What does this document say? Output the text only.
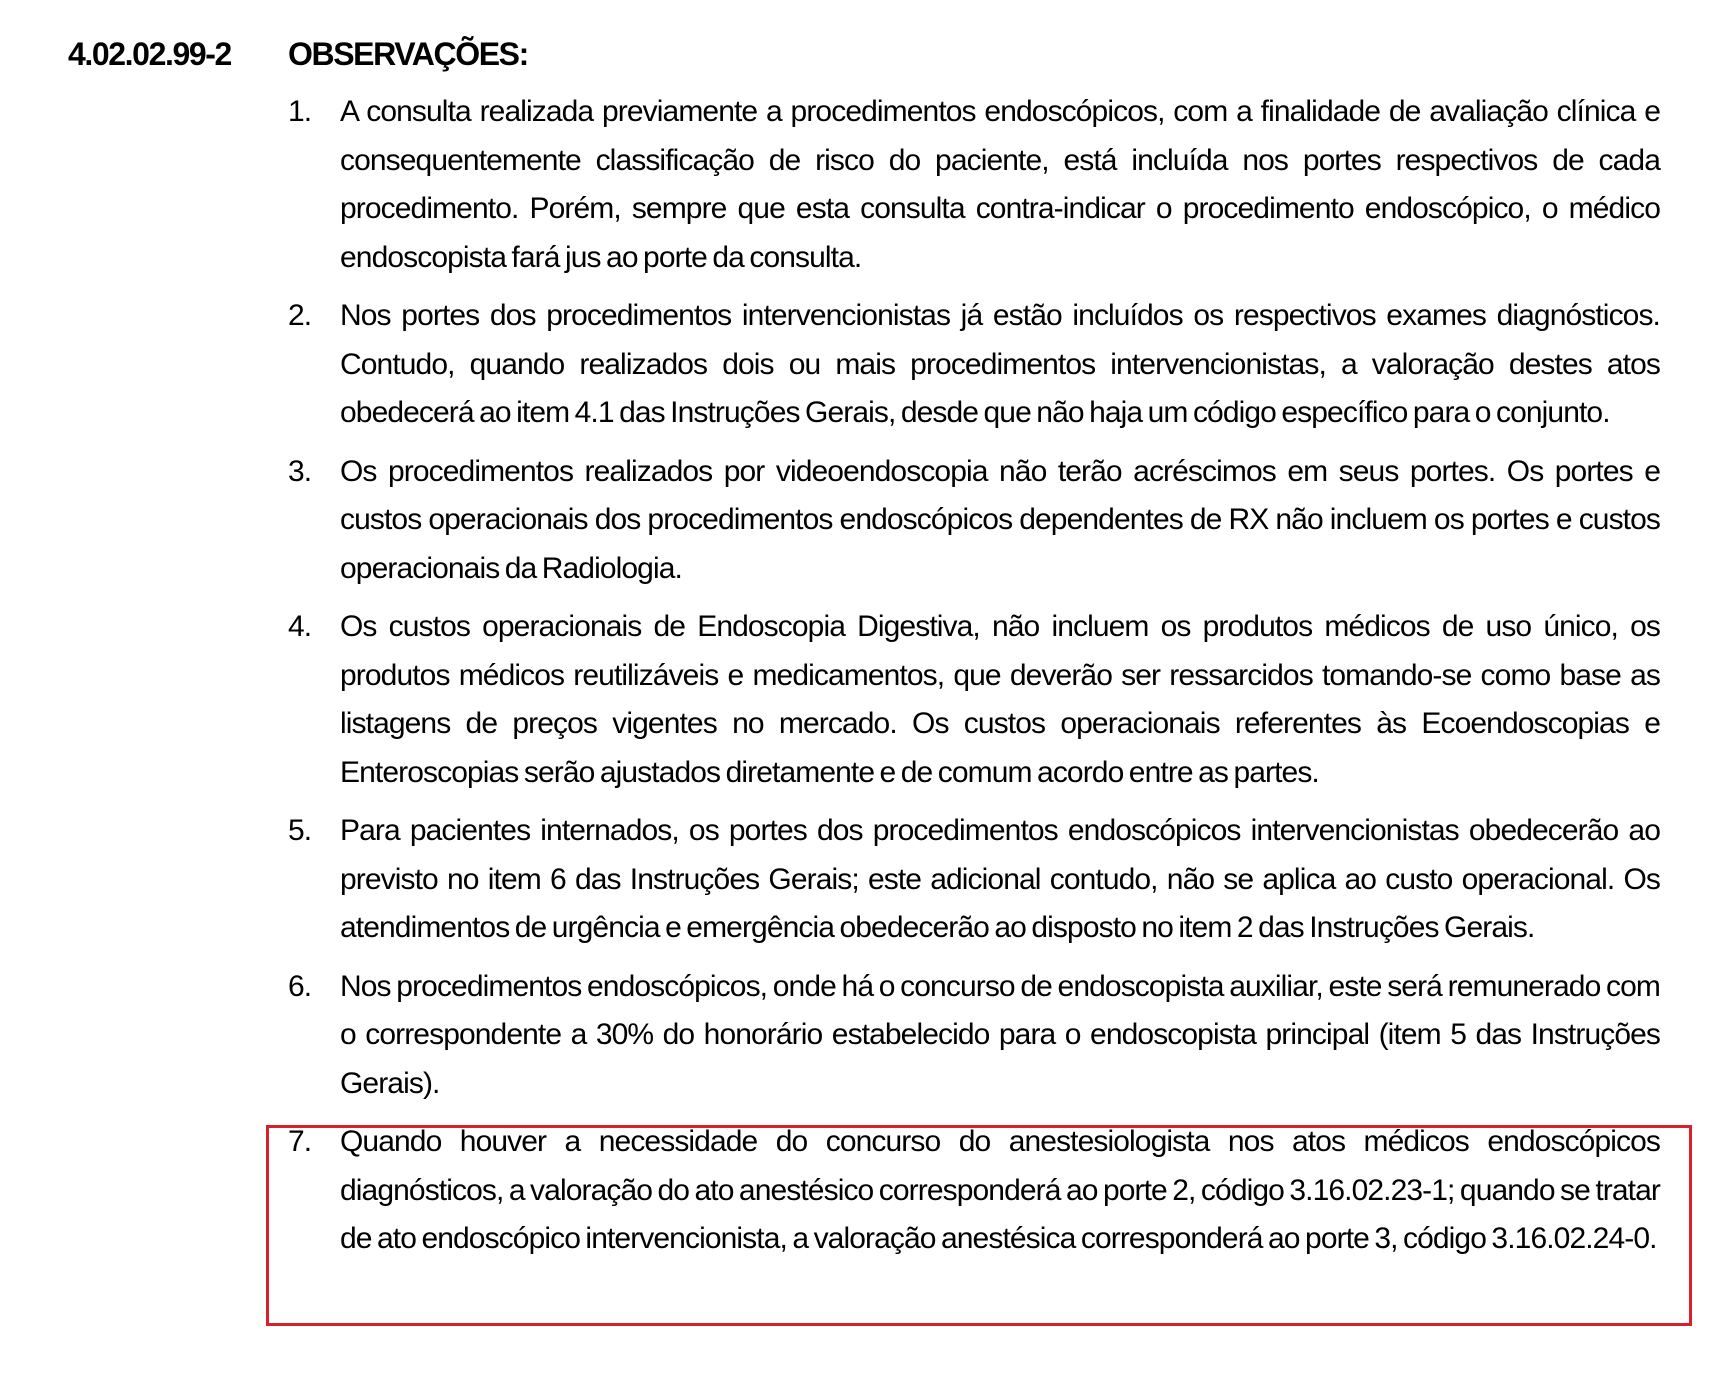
4.02.02.99-2 OBSERVAÇÕES:
1. A consulta realizada previamente a procedimentos endoscópicos, com a finalidade de avaliação clínica e consequentemente classificação de risco do paciente, está incluída nos portes respectivos de cada procedimento. Porém, sempre que esta consulta contra-indicar o procedimento endoscópico, o médico endoscopista fará jus ao porte da consulta.
2. Nos portes dos procedimentos intervencionistas já estão incluídos os respectivos exames diagnósticos. Contudo, quando realizados dois ou mais procedimentos intervencionistas, a valoração destes atos obedecerá ao item 4.1 das Instruções Gerais, desde que não haja um código específico para o conjunto.
3. Os procedimentos realizados por videoendoscopia não terão acréscimos em seus portes. Os portes e custos operacionais dos procedimentos endoscópicos dependentes de RX não incluem os portes e custos operacionais da Radiologia.
4. Os custos operacionais de Endoscopia Digestiva, não incluem os produtos médicos de uso único, os produtos médicos reutilizáveis e medicamentos, que deverão ser ressarcidos tomando-se como base as listagens de preços vigentes no mercado. Os custos operacionais referentes às Ecoendoscopias e Enteroscopias serão ajustados diretamente e de comum acordo entre as partes.
5. Para pacientes internados, os portes dos procedimentos endoscópicos intervencionistas obedecerão ao previsto no item 6 das Instruções Gerais; este adicional contudo, não se aplica ao custo operacional. Os atendimentos de urgência e emergência obedecerão ao disposto no item 2 das Instruções Gerais.
6. Nos procedimentos endoscópicos, onde há o concurso de endoscopista auxiliar, este será remunerado com o correspondente a 30% do honorário estabelecido para o endoscopista principal (item 5 das Instruções Gerais).
7. Quando houver a necessidade do concurso do anestesiologista nos atos médicos endoscópicos diagnósticos, a valoração do ato anestésico corresponderá ao porte 2, código 3.16.02.23-1; quando se tratar de ato endoscópico intervencionista, a valoração anestésica corresponderá ao porte 3, código 3.16.02.24-0.
